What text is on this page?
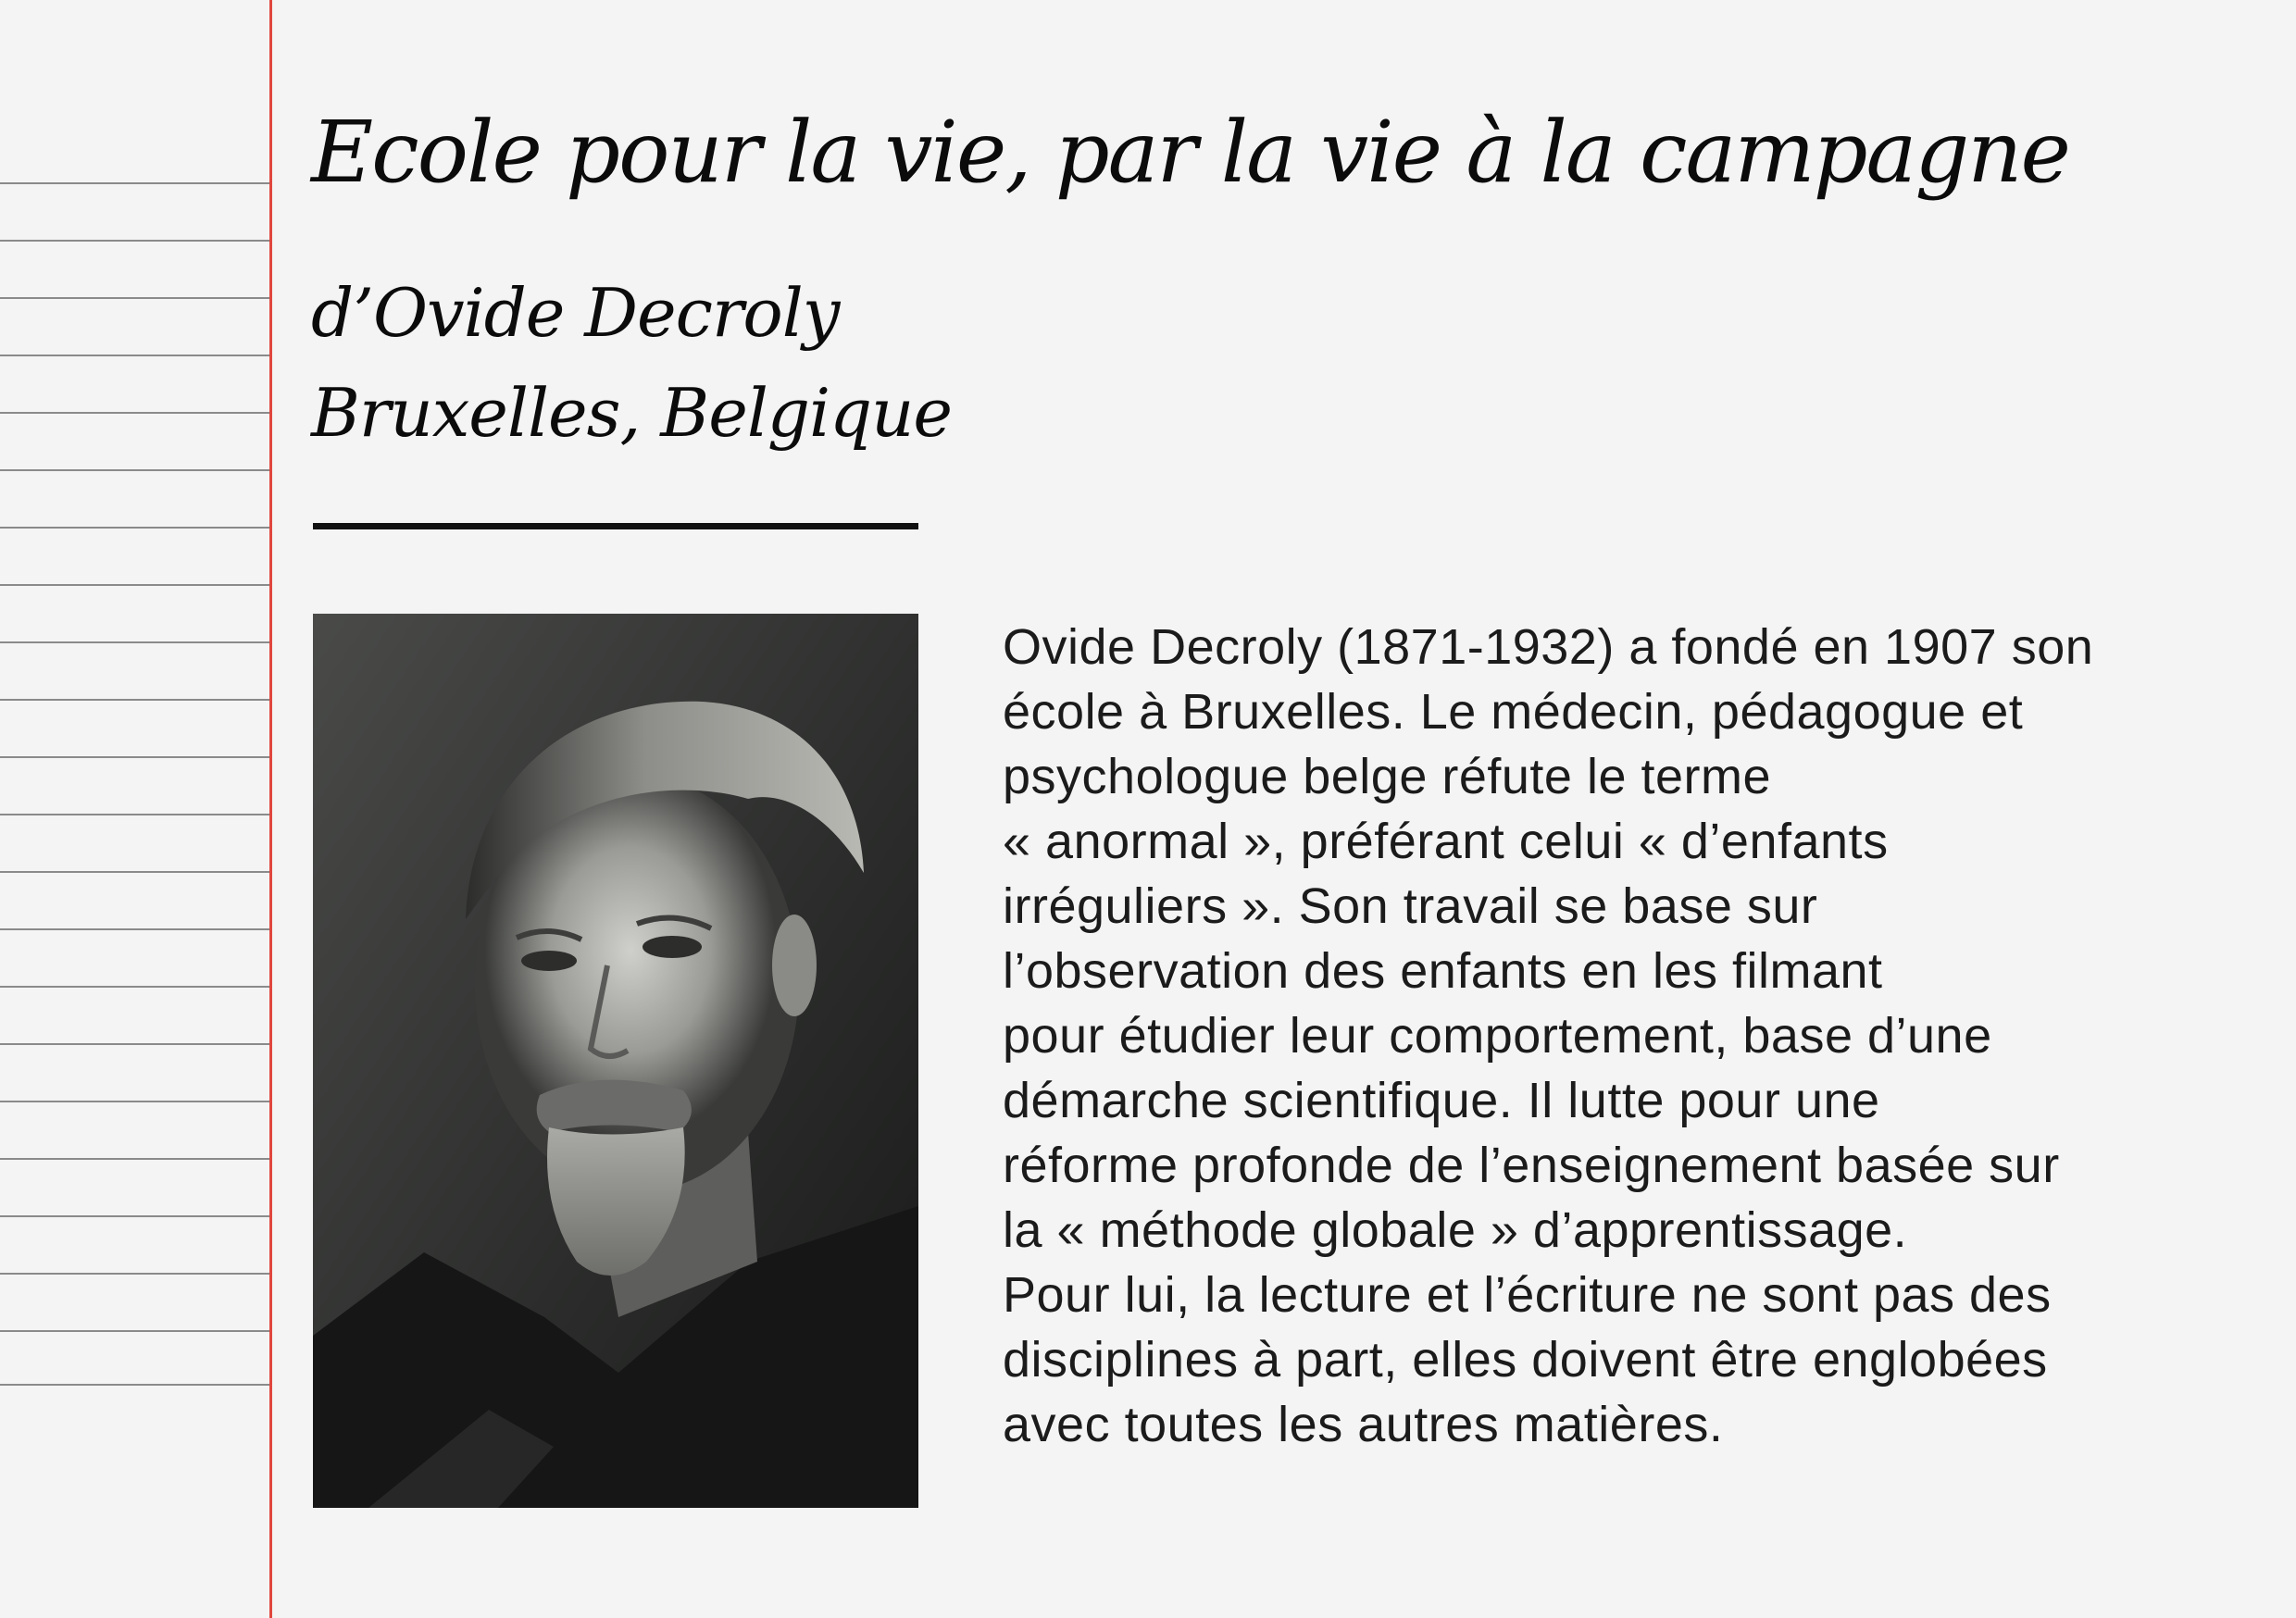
Ecole pour la vie, par la vie à la campagne
d’Ovide Decroly
Bruxelles, Belgique

Ovide Decroly (1871-1932) a fondé en 1907 son
école à Bruxelles. Le médecin, pédagogue et
psychologue belge réfute le terme
« anormal », préférant celui « d’enfants
irréguliers ». Son travail se base sur
l’observation des enfants en les filmant
pour étudier leur comportement, base d’une
démarche scientifique. Il lutte pour une
réforme profonde de l’enseignement basée sur
la « méthode globale » d’apprentissage.
Pour lui, la lecture et l’écriture ne sont pas des
disciplines à part, elles doivent être englobées
avec toutes les autres matières.
